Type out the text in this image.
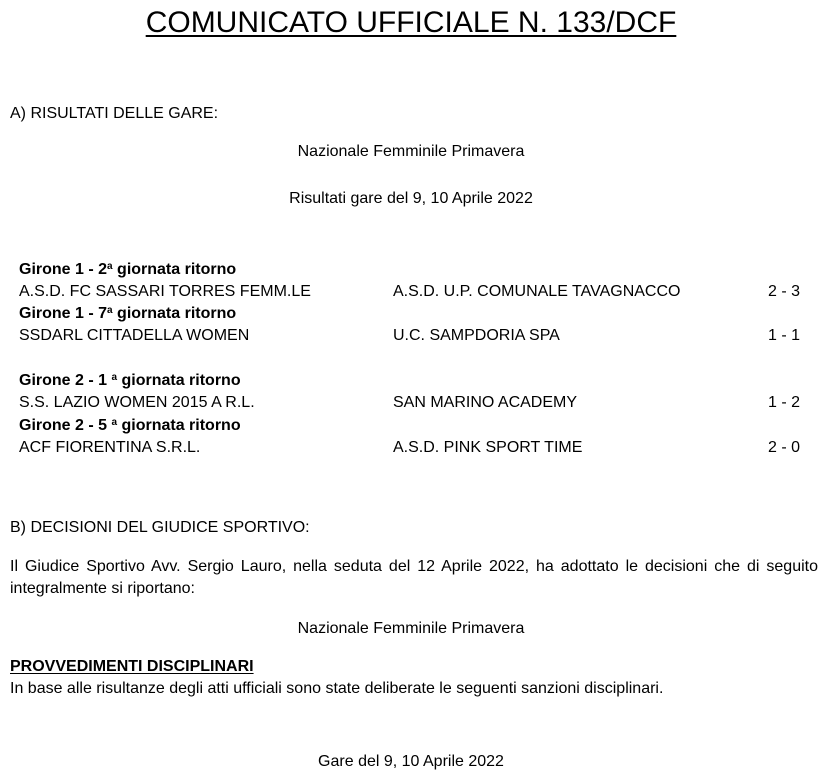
COMUNICATO UFFICIALE N. 133/DCF
A) RISULTATI DELLE GARE:
Nazionale Femminile Primavera
Risultati gare del 9, 10 Aprile 2022
Girone 1 - 2$^a$ giornata ritorno
A.S.D. FC SASSARI TORRES FEMM.LE	A.S.D. U.P. COMUNALE TAVAGNACCO	2 - 3
Girone 1 - 7$^a$ giornata ritorno
SSDARL CITTADELLA WOMEN	U.C. SAMPDORIA SPA	1 - 1
Girone 2 - 1 $^a$ giornata ritorno
S.S. LAZIO WOMEN 2015 A R.L.	SAN MARINO ACADEMY	1 - 2
Girone 2 - 5 $^a$ giornata ritorno
ACF FIORENTINA S.R.L.	A.S.D. PINK SPORT TIME	2 - 0
B) DECISIONI DEL GIUDICE SPORTIVO:
Il Giudice Sportivo Avv. Sergio Lauro, nella seduta del 12 Aprile 2022, ha adottato le decisioni che di seguito integralmente si riportano:
Nazionale Femminile Primavera
PROVVEDIMENTI DISCIPLINARI
In base alle risultanze degli atti ufficiali sono state deliberate le seguenti sanzioni disciplinari.
Gare del 9, 10 Aprile 2022
